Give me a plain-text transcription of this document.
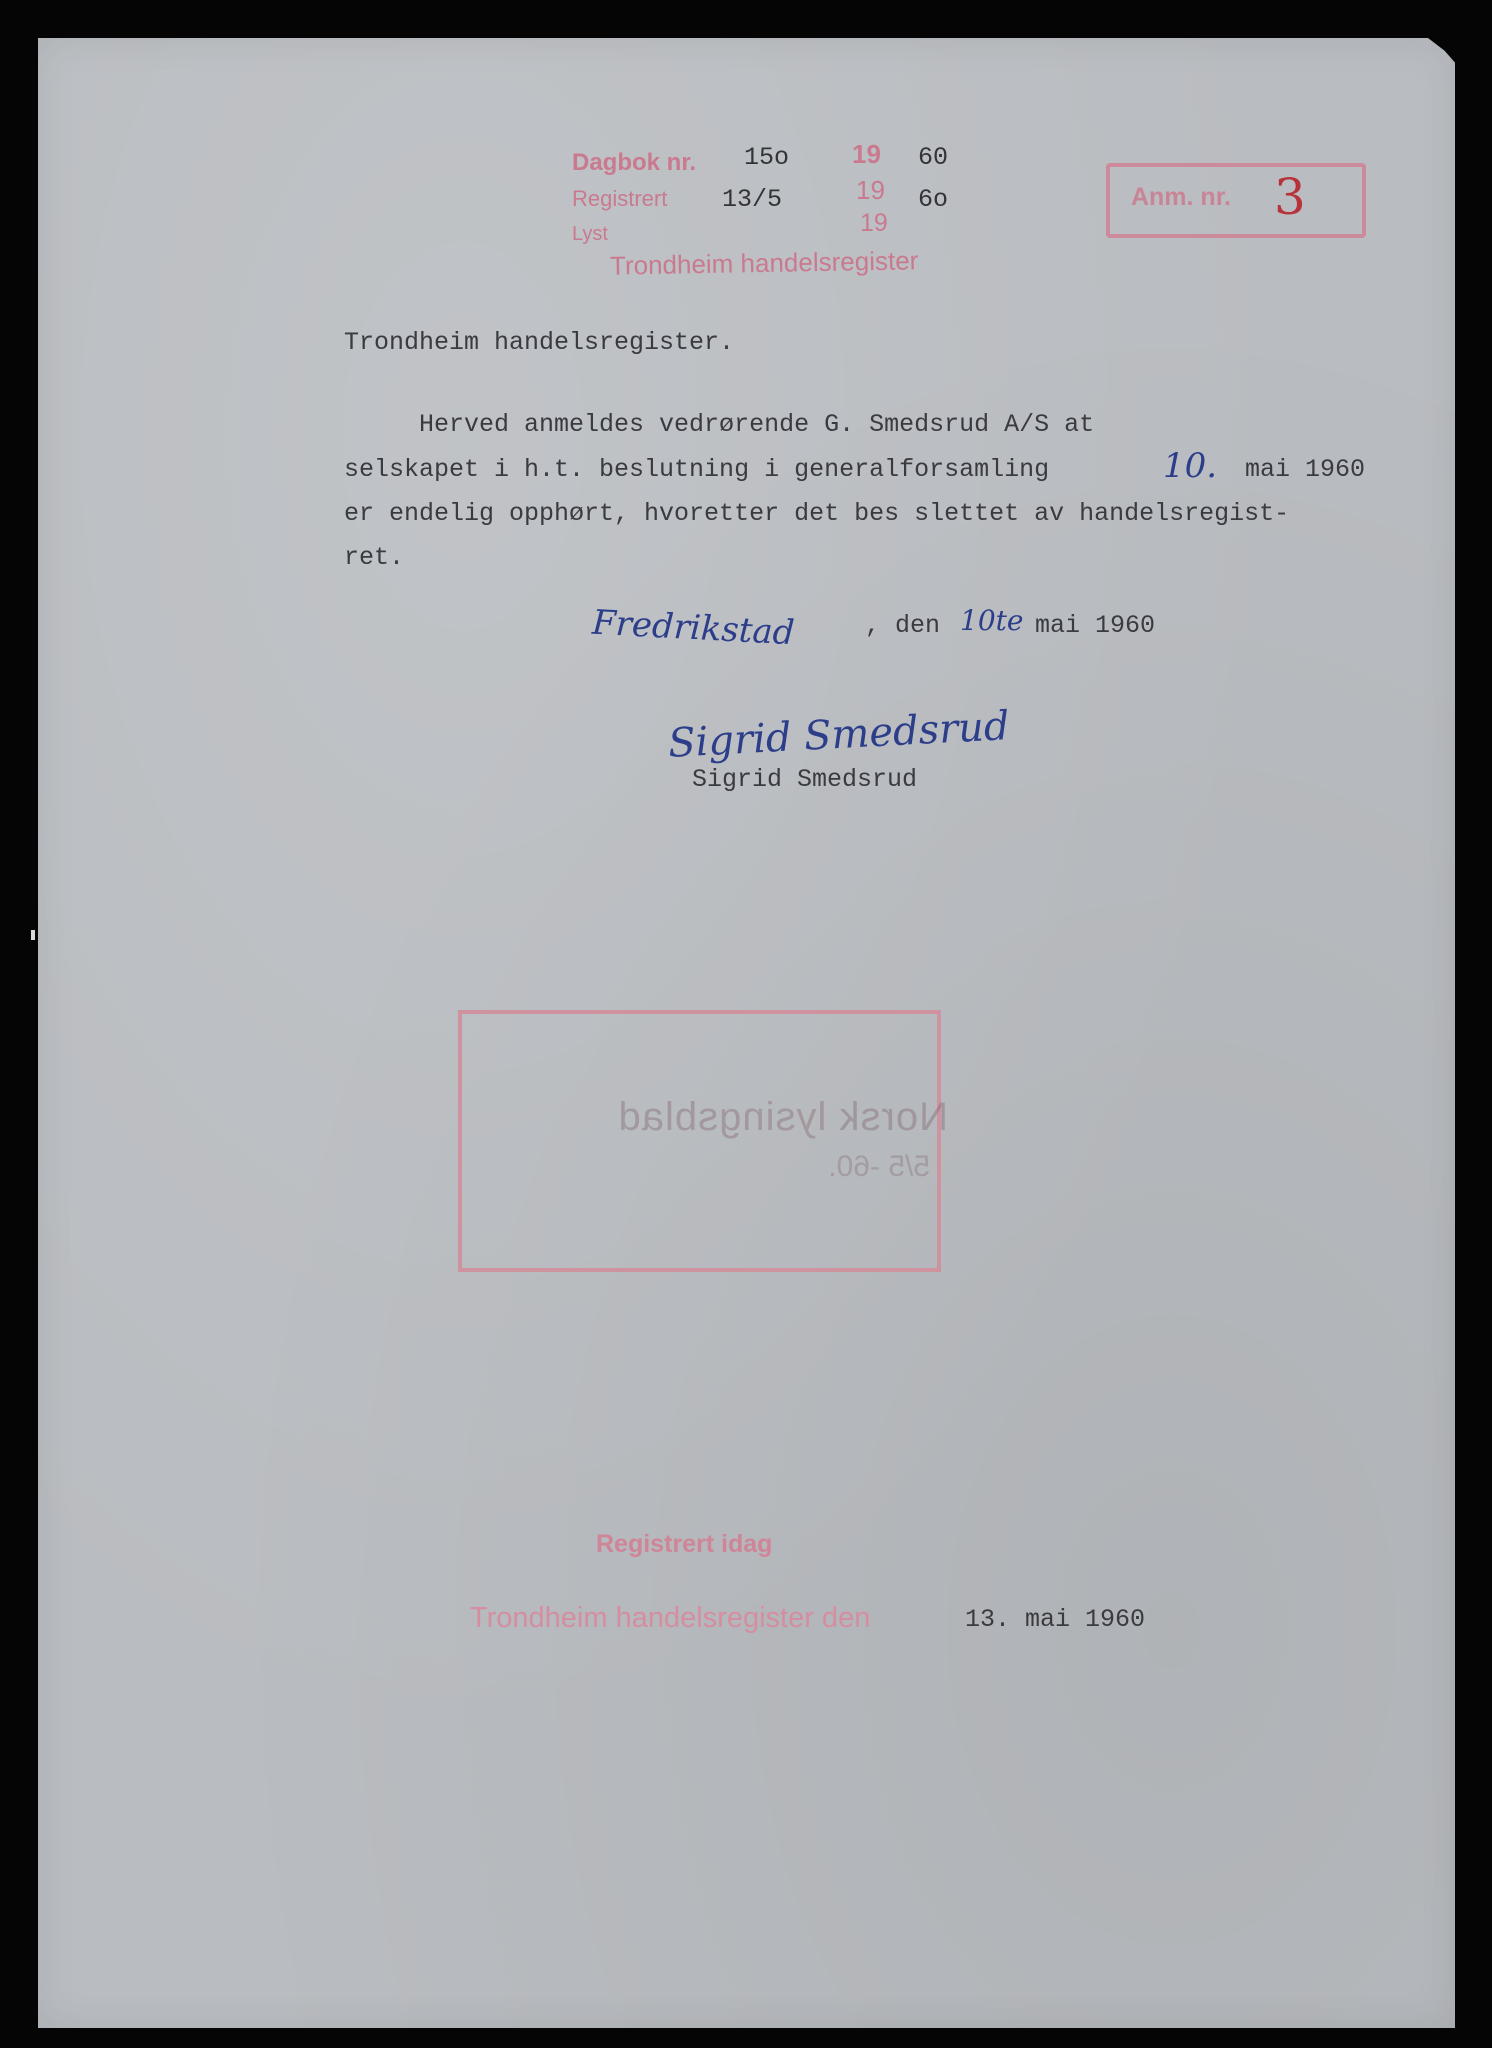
Dagbok nr. 15o 19 60
Registrert 13/5	19 6o
Lyst	19
Trondheim handelsregister
Anm. nr. 3
Trondheim handelsregister.
Herved anmeldes vedrørende G. Smedsrud A/S at
selskapet i h.t. beslutning i generalforsamling	10. mai 1960
er endelig opphørt, hvoretter det bes slettet av handelsregist-
ret.
Fredrikstad	, den 10te mai 1960
Sigrid Smedsrud
Sigrid Smedsrud
Norsk lysingsblad
5/5 -60.
Registrert idag
Trondheim handelsregister den	13. mai 1960
